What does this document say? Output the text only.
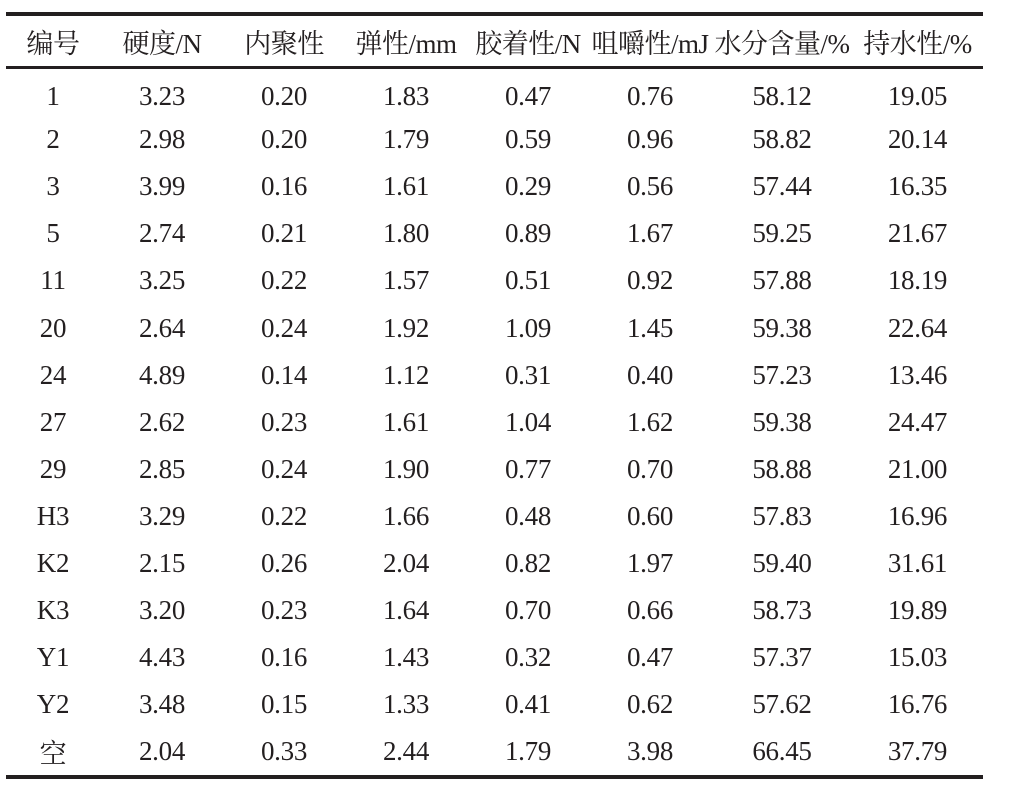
编号	硬度/N	内聚性	弹性/mm	胶着性/N	咀嚼性/mJ	水分含量/%	持水性/%
1	3.23	0.20	1.83	0.47	0.76	58.12	19.05
2	2.98	0.20	1.79	0.59	0.96	58.82	20.14
3	3.99	0.16	1.61	0.29	0.56	57.44	16.35
5	2.74	0.21	1.80	0.89	1.67	59.25	21.67
11	3.25	0.22	1.57	0.51	0.92	57.88	18.19
20	2.64	0.24	1.92	1.09	1.45	59.38	22.64
24	4.89	0.14	1.12	0.31	0.40	57.23	13.46
27	2.62	0.23	1.61	1.04	1.62	59.38	24.47
29	2.85	0.24	1.90	0.77	0.70	58.88	21.00
H3	3.29	0.22	1.66	0.48	0.60	57.83	16.96
K2	2.15	0.26	2.04	0.82	1.97	59.40	31.61
K3	3.20	0.23	1.64	0.70	0.66	58.73	19.89
Y1	4.43	0.16	1.43	0.32	0.47	57.37	15.03
Y2	3.48	0.15	1.33	0.41	0.62	57.62	16.76
空	2.04	0.33	2.44	1.79	3.98	66.45	37.79
